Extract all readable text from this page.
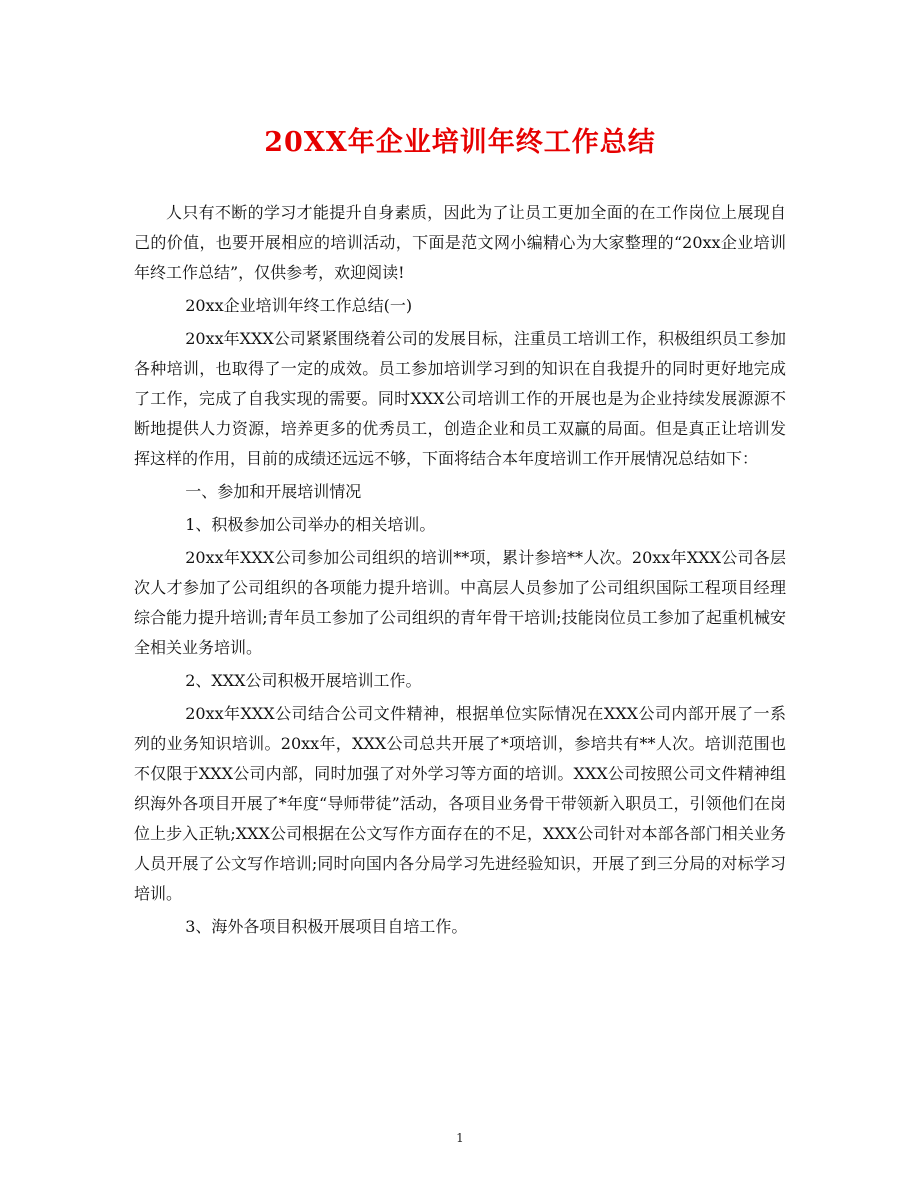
20XX年企业培训年终工作总结

人只有不断的学习才能提升自身素质，因此为了让员工更加全面的在工作岗位上展现自己的价值，也要开展相应的培训活动，下面是范文网小编精心为大家整理的“20xx企业培训年终工作总结”，仅供参考，欢迎阅读!

20xx企业培训年终工作总结(一)

20xx年XXX公司紧紧围绕着公司的发展目标，注重员工培训工作，积极组织员工参加各种培训，也取得了一定的成效。员工参加培训学习到的知识在自我提升的同时更好地完成了工作，完成了自我实现的需要。同时XXX公司培训工作的开展也是为企业持续发展源源不断地提供人力资源，培养更多的优秀员工，创造企业和员工双赢的局面。但是真正让培训发挥这样的作用，目前的成绩还远远不够，下面将结合本年度培训工作开展情况总结如下：

一、参加和开展培训情况

1、积极参加公司举办的相关培训。

20xx年XXX公司参加公司组织的培训**项，累计参培**人次。20xx年XXX公司各层次人才参加了公司组织的各项能力提升培训。中高层人员参加了公司组织国际工程项目经理综合能力提升培训;青年员工参加了公司组织的青年骨干培训;技能岗位员工参加了起重机械安全相关业务培训。

2、XXX公司积极开展培训工作。

20xx年XXX公司结合公司文件精神，根据单位实际情况在XXX公司内部开展了一系列的业务知识培训。20xx年，XXX公司总共开展了*项培训，参培共有**人次。培训范围也不仅限于XXX公司内部，同时加强了对外学习等方面的培训。XXX公司按照公司文件精神组织海外各项目开展了*年度“导师带徒”活动，各项目业务骨干带领新入职员工，引领他们在岗位上步入正轨;XXX公司根据在公文写作方面存在的不足，XXX公司针对本部各部门相关业务人员开展了公文写作培训;同时向国内各分局学习先进经验知识，开展了到三分局的对标学习培训。

3、海外各项目积极开展项目自培工作。

1
